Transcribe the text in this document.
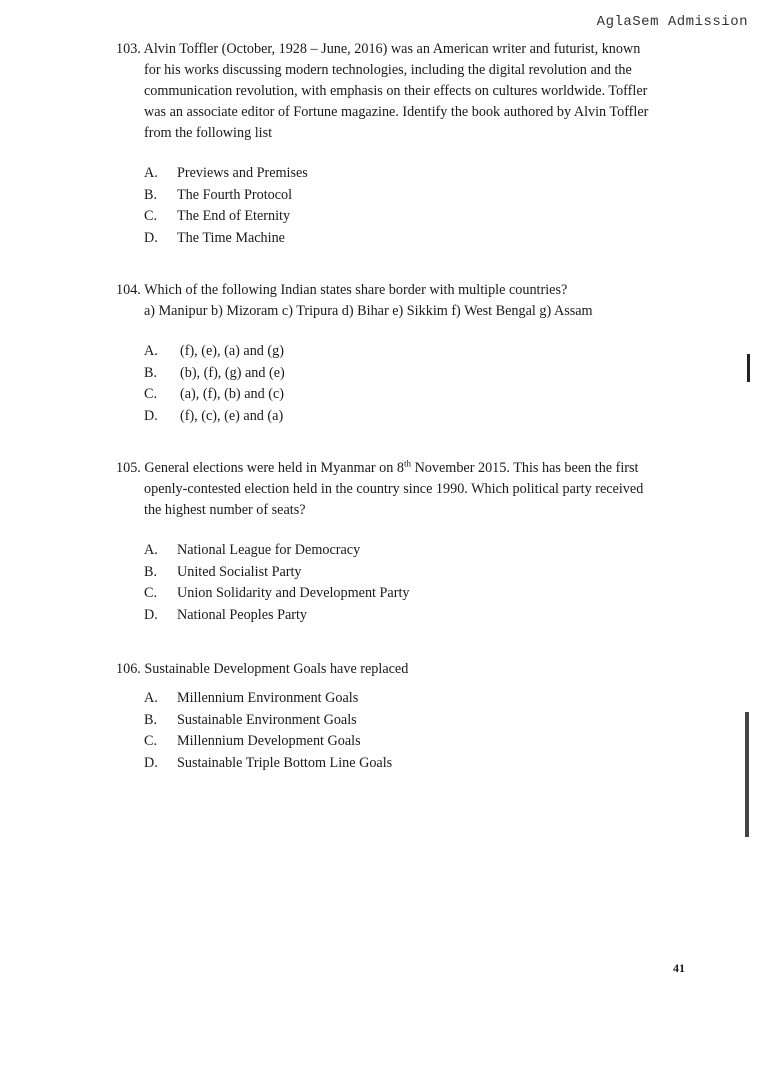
AglaSem Admission
103. Alvin Toffler (October, 1928 – June, 2016) was an American writer and futurist, known
for his works discussing modern technologies, including the digital revolution and the
communication revolution, with emphasis on their effects on cultures worldwide. Toffler
was an associate editor of Fortune magazine. Identify the book authored by Alvin Toffler
from the following list
A.	Previews and Premises
B.	The Fourth Protocol
C.	The End of Eternity
D.	The Time Machine
104. Which of the following Indian states share border with multiple countries?
a) Manipur b) Mizoram c) Tripura d) Bihar e) Sikkim f) West Bengal g) Assam
A.	(f), (e), (a) and (g)
B.	(b), (f), (g) and (e)
C.	(a), (f), (b) and (c)
D.	(f), (c), (e) and (a)
105. General elections were held in Myanmar on 8th November 2015. This has been the first
openly-contested election held in the country since 1990. Which political party received
the highest number of seats?
A.	National League for Democracy
B.	United Socialist Party
C.	Union Solidarity and Development Party
D.	National Peoples Party
106. Sustainable Development Goals have replaced
A.	Millennium Environment Goals
B.	Sustainable Environment Goals
C.	Millennium Development Goals
D.	Sustainable Triple Bottom Line Goals
41
